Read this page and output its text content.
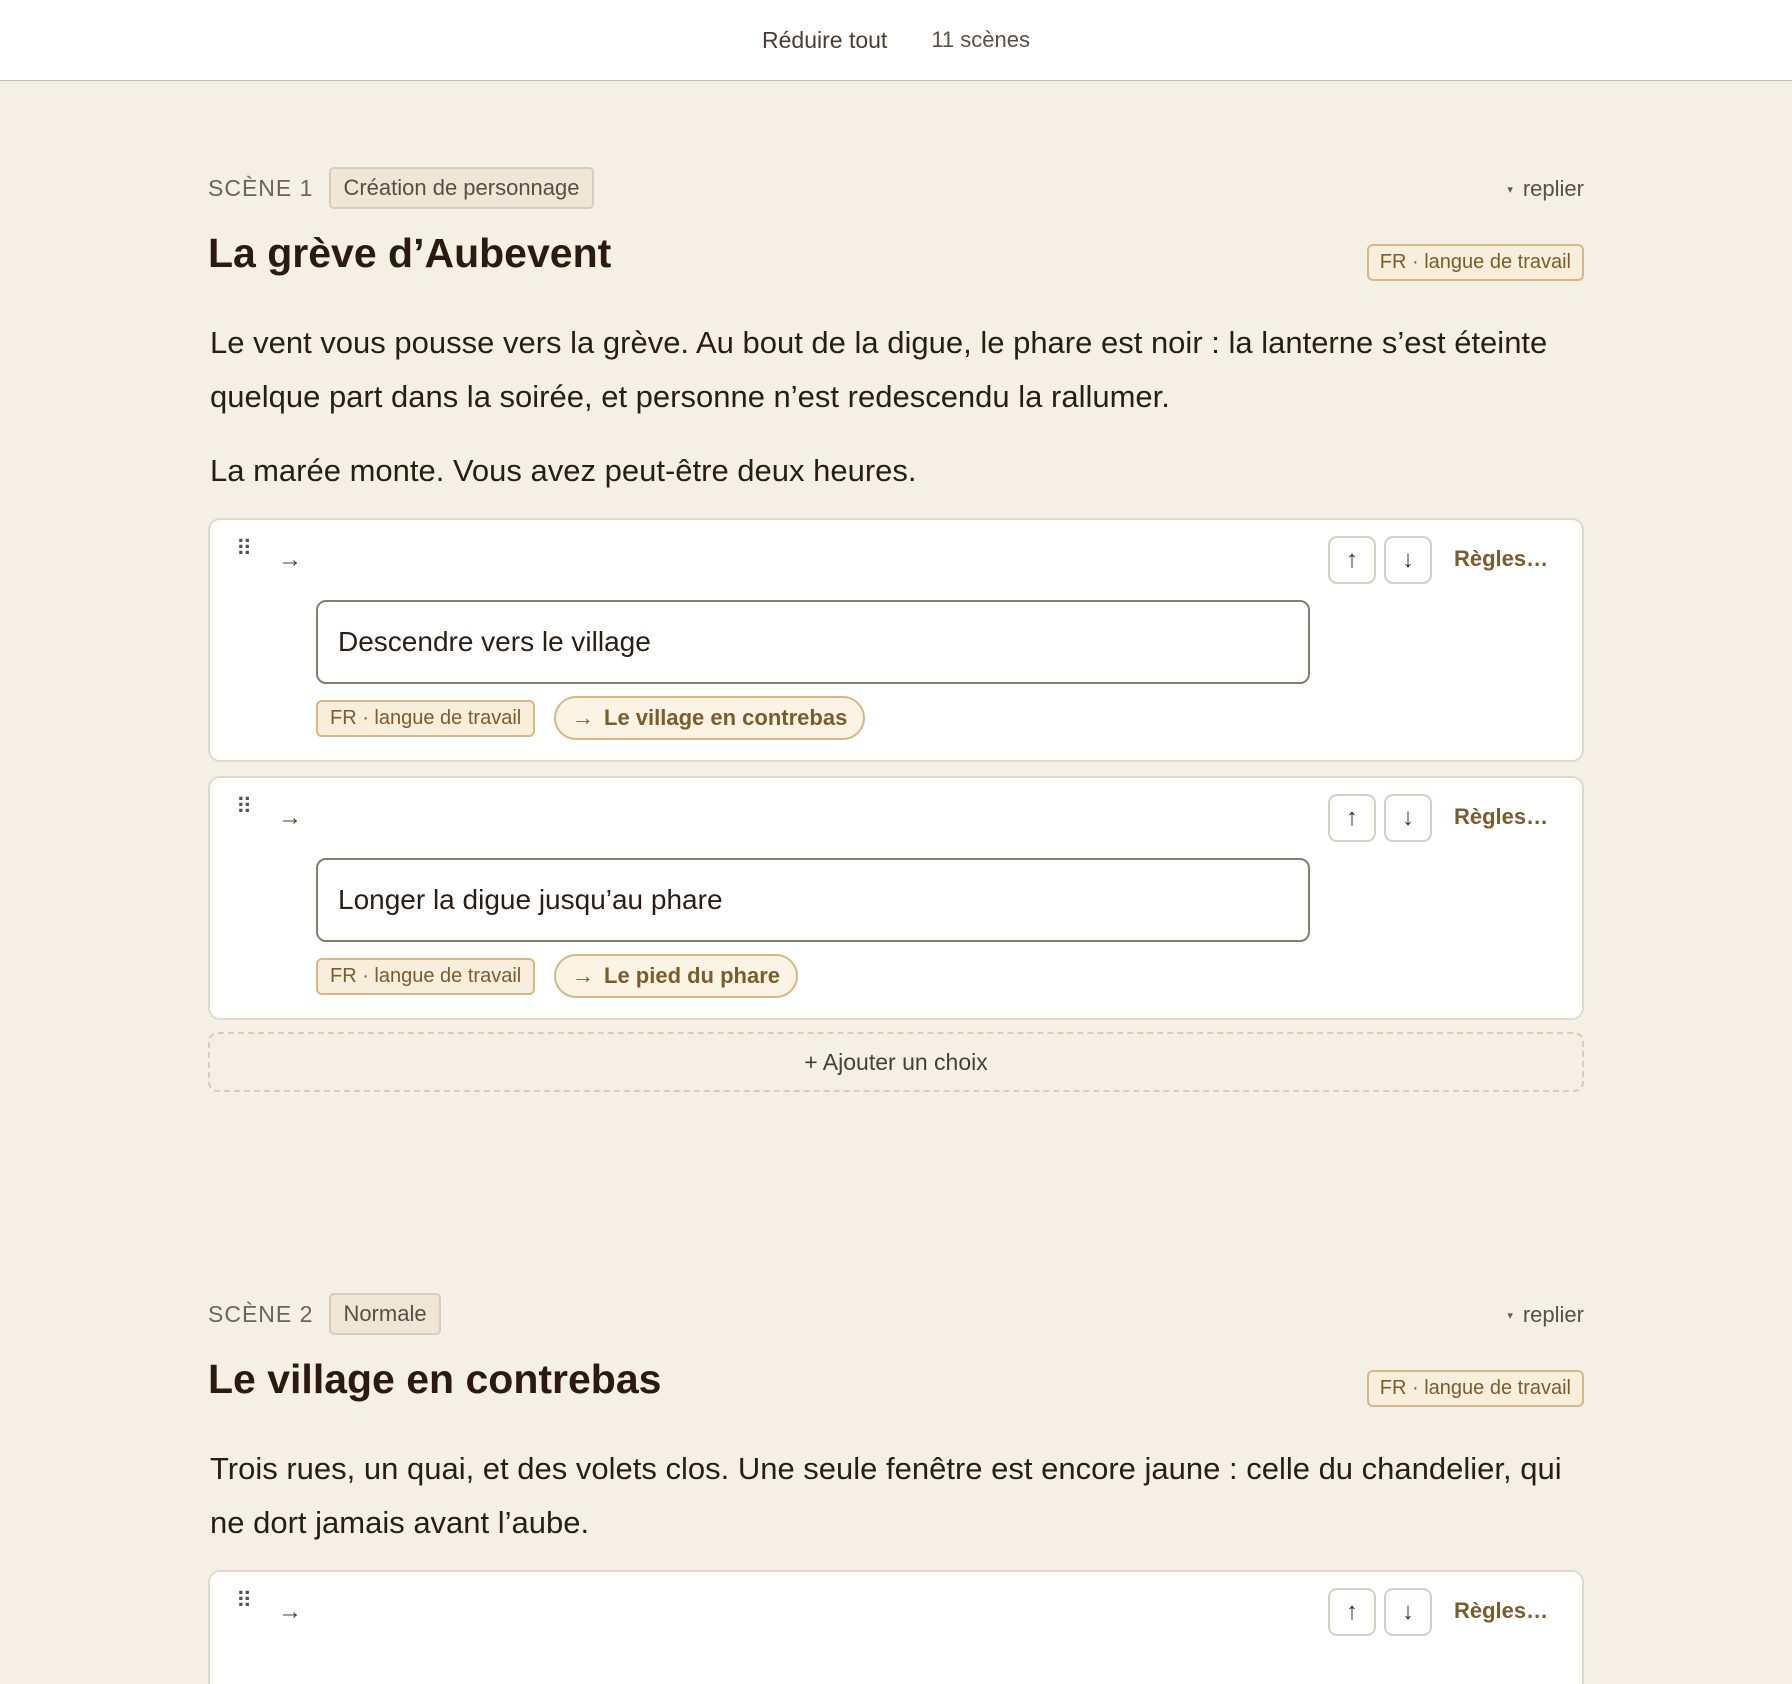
Réduire tout 11 scènes
SCÈNE 1	Création de personnage	▾ replier
La grève d’Aubevent	FR · langue de travail

Le vent vous pousse vers la grève. Au bout de la digue, le phare est noir : la lanterne s’est éteinte quelque part dans la soirée, et personne n’est redescendu la rallumer.

La marée monte. Vous avez peut-être deux heures.

⠿ →	↑ ↓ Règles…
Descendre vers le village
FR · langue de travail	→ Le village en contrebas
⠿ →	↑ ↓ Règles…
Longer la digue jusqu’au phare
FR · langue de travail	→ Le pied du phare
+ Ajouter un choix
SCÈNE 2	Normale	▾ replier
Le village en contrebas	FR · langue de travail

Trois rues, un quai, et des volets clos. Une seule fenêtre est encore jaune : celle du chandelier, qui ne dort jamais avant l’aube.

⠿ →	↑ ↓ Règles…
